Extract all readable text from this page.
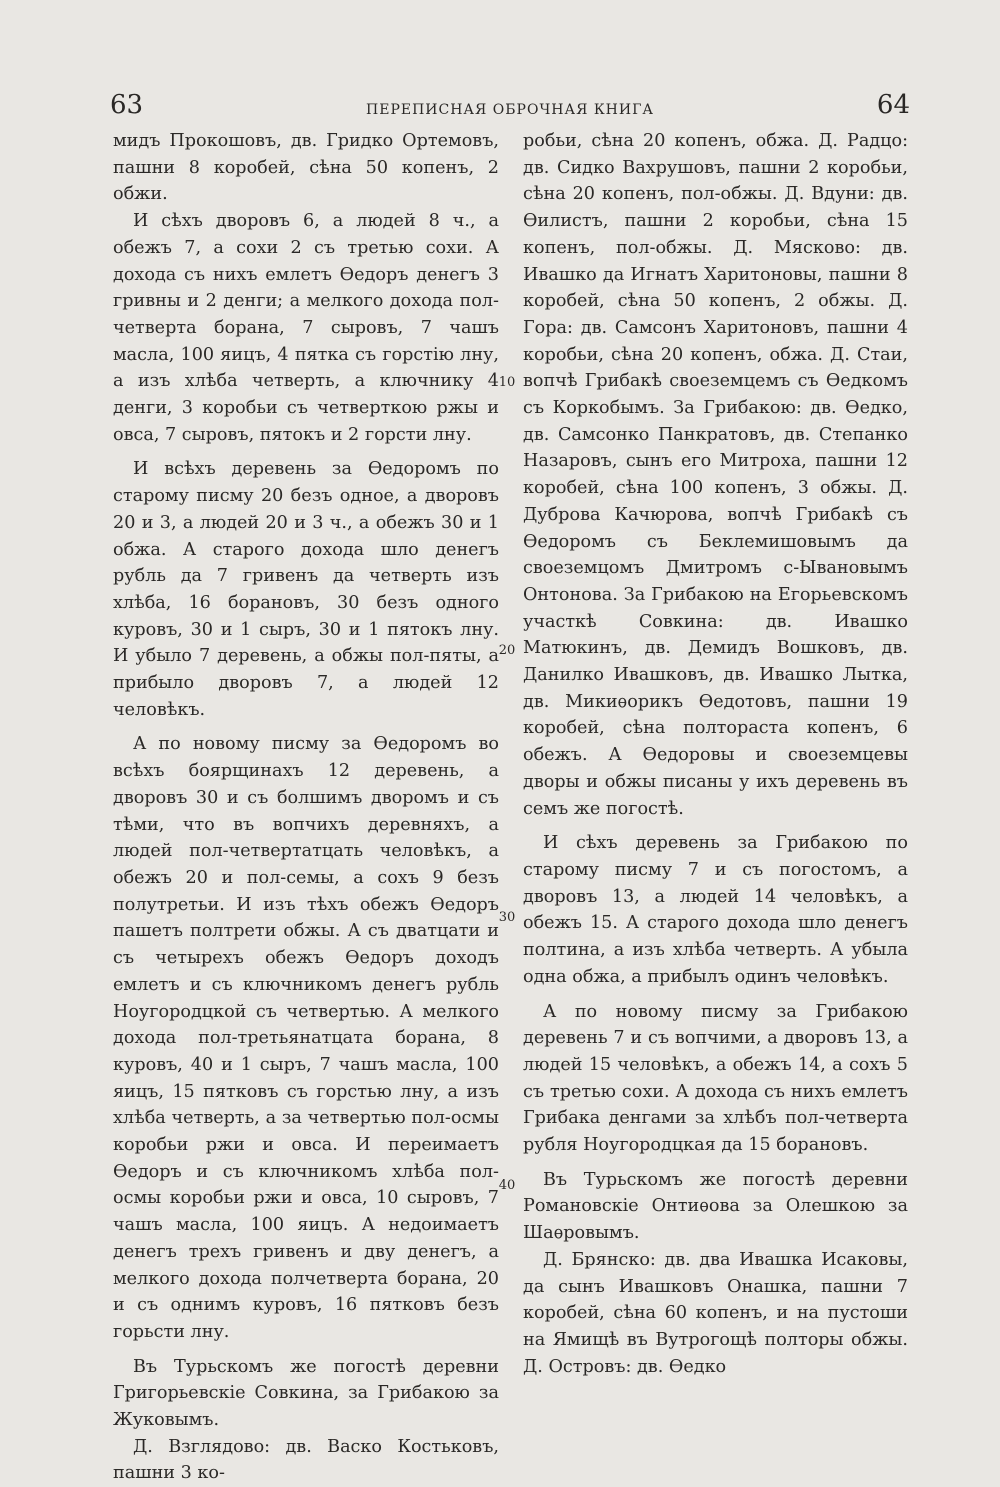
63	ПЕРЕПИСНАЯ ОБРОЧНАЯ КНИГА	64

мидъ Прокошовъ, дв. Гридко Ортемовъ, пашни 8 коробей, сѣна 50 копенъ, 2 обжи.

И сѣхъ дворовъ 6, а людей 8 ч., а обежъ 7, а сохи 2 съ третью сохи. А дохода съ нихъ емлетъ Ѳедоръ денегъ 3 гривны и 2 денги; а мелкого дохода пол-четверта борана, 7 сыровъ, 7 чашъ масла, 100 яицъ, 4 пятка съ горстію лну, а изъ хлѣба четверть, а ключнику 4 денги, 3 коробьи съ четверткою ржы и овса, 7 сыровъ, пятокъ и 2 горсти лну.

И всѣхъ деревень за Ѳедоромъ по старому писму 20 безъ одное, а дворовъ 20 и 3, а людей 20 и 3 ч., а обежъ 30 и 1 обжа. А старого дохода шло денегъ рубль да 7 гривенъ да четверть изъ хлѣба, 16 борановъ, 30 безъ одного куровъ, 30 и 1 сыръ, 30 и 1 пятокъ лну. И убыло 7 деревень, а обжы пол-пяты, а прибыло дворовъ 7, а людей 12 человѣкъ.

А по новому писму за Ѳедоромъ во всѣхъ боярщинахъ 12 деревень, а дворовъ 30 и съ болшимъ дворомъ и съ тѣми, что въ вопчихъ деревняхъ, а людей пол-четвертатцать человѣкъ, а обежъ 20 и пол-семы, а сохъ 9 безъ полутретьи. И изъ тѣхъ обежъ Ѳедоръ пашетъ полтрети обжы. А съ дватцати и съ четырехъ обежъ Ѳедоръ доходъ емлетъ и съ ключникомъ денегъ рубль Ноугородцкой съ четвертью. А мелкого дохода пол-третьянатцата борана, 8 куровъ, 40 и 1 сыръ, 7 чашъ масла, 100 яицъ, 15 пятковъ съ горстью лну, а изъ хлѣба четверть, а за четвертью пол-осмы коробьи ржи и овса. И переимаетъ Ѳедоръ и съ ключникомъ хлѣба пол-осмы коробьи ржи и овса, 10 сыровъ, 7 чашъ масла, 100 яицъ. А недоимаетъ денегъ трехъ гривенъ и дву денегъ, а мелкого дохода полчетверта борана, 20 и съ однимъ куровъ, 16 пятковъ безъ горьсти лну.

Въ Турьскомъ же погостѣ деревни Григорьевскіе Совкина, за Грибакою за Жуковымъ.

Д. Взглядово: дв. Васко Костьковъ, пашни 3 ко-

10
20
30
40

робьи, сѣна 20 копенъ, обжа. Д. Радцо: дв. Сидко Вахрушовъ, пашни 2 коробьи, сѣна 20 копенъ, пол-обжы. Д. Вдуни: дв. Ѳилистъ, пашни 2 коробьи, сѣна 15 копенъ, пол-обжы. Д. Мясково: дв. Ивашко да Игнатъ Харитоновы, пашни 8 коробей, сѣна 50 копенъ, 2 обжы. Д. Гора: дв. Самсонъ Харитоновъ, пашни 4 коробьи, сѣна 20 копенъ, обжа. Д. Стаи, вопчѣ Грибакѣ своеземцемъ съ Ѳедкомъ съ Коркобымъ. За Грибакою: дв. Ѳедко, дв. Самсонко Панкратовъ, дв. Степанко Назаровъ, сынъ его Митроха, пашни 12 коробей, сѣна 100 копенъ, 3 обжы. Д. Дуброва Качюрова, вопчѣ Грибакѣ съ Ѳедоромъ съ Беклемишовымъ да своеземцомъ Дмитромъ с-Ывановымъ Онтонова. За Грибакою на Егорьевскомъ участкѣ Совкина: дв. Ивашко Матюкинъ, дв. Демидъ Вошковъ, дв. Данилко Ивашковъ, дв. Ивашко Лытка, дв. Микиѳорикъ Ѳедотовъ, пашни 19 коробей, сѣна полтораста копенъ, 6 обежъ. А Ѳедоровы и своеземцевы дворы и обжы писаны у ихъ деревень въ семъ же погостѣ.

И сѣхъ деревень за Грибакою по старому писму 7 и съ погостомъ, а дворовъ 13, а людей 14 человѣкъ, а обежъ 15. А старого дохода шло денегъ полтина, а изъ хлѣба четверть. А убыла одна обжа, а прибылъ одинъ человѣкъ.

А по новому писму за Грибакою деревень 7 и съ вопчими, а дворовъ 13, а людей 15 человѣкъ, а обежъ 14, а сохъ 5 съ третью сохи. А дохода съ нихъ емлетъ Грибака денгами за хлѣбъ пол-четверта рубля Ноугородцкая да 15 борановъ.

Въ Турьскомъ же погостѣ деревни Романовскіе Онтиѳова за Олешкою за Шаѳровымъ.

Д. Брянско: дв. два Ивашка Исаковы, да сынъ Ивашковъ Онашка, пашни 7 коробей, сѣна 60 копенъ, и на пустоши на Ямищѣ въ Вутрогощѣ полторы обжы. Д. Островъ: дв. Ѳедко
